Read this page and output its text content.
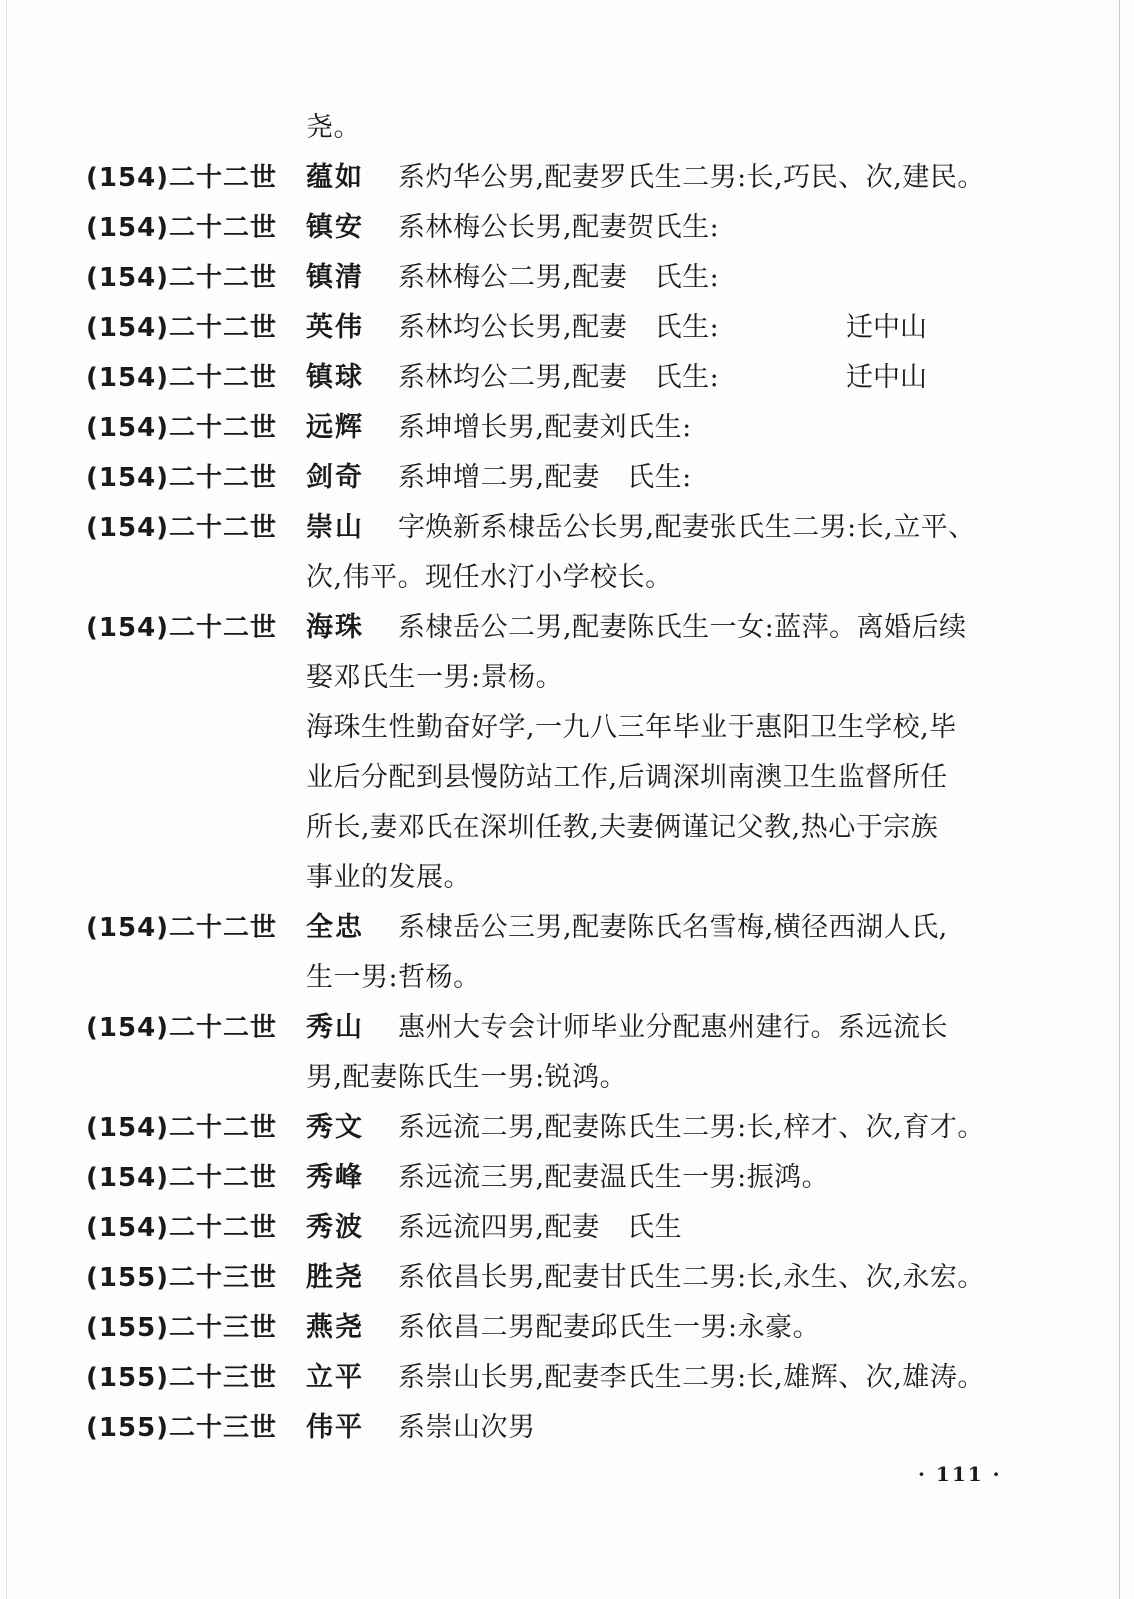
尧。
(154)二十二世 蕴如 系灼华公男,配妻罗氏生二男:长,巧民、次,建民。
(154)二十二世 镇安 系林梅公长男,配妻贺氏生:
(154)二十二世 镇清 系林梅公二男,配妻　氏生:
(154)二十二世 英伟 系林均公长男,配妻　氏生:	迁中山
(154)二十二世 镇球 系林均公二男,配妻　氏生:	迁中山
(154)二十二世 远辉 系坤增长男,配妻刘氏生:
(154)二十二世 剑奇 系坤增二男,配妻　氏生:
(154)二十二世 崇山 字焕新系棣岳公长男,配妻张氏生二男:长,立平、
次,伟平。现任水汀小学校长。
(154)二十二世 海珠 系棣岳公二男,配妻陈氏生一女:蓝萍。离婚后续
娶邓氏生一男:景杨。
海珠生性勤奋好学,一九八三年毕业于惠阳卫生学校,毕
业后分配到县慢防站工作,后调深圳南澳卫生监督所任
所长,妻邓氏在深圳任教,夫妻俩谨记父教,热心于宗族
事业的发展。
(154)二十二世 全忠 系棣岳公三男,配妻陈氏名雪梅,横径西湖人氏,
生一男:哲杨。
(154)二十二世 秀山 惠州大专会计师毕业分配惠州建行。系远流长
男,配妻陈氏生一男:锐鸿。
(154)二十二世 秀文 系远流二男,配妻陈氏生二男:长,梓才、次,育才。
(154)二十二世 秀峰 系远流三男,配妻温氏生一男:振鸿。
(154)二十二世 秀波 系远流四男,配妻　氏生
(155)二十三世 胜尧 系依昌长男,配妻甘氏生二男:长,永生、次,永宏。
(155)二十三世 燕尧 系依昌二男配妻邱氏生一男:永豪。
(155)二十三世 立平 系崇山长男,配妻李氏生二男:长,雄辉、次,雄涛。
(155)二十三世 伟平 系崇山次男
· 111 ·
